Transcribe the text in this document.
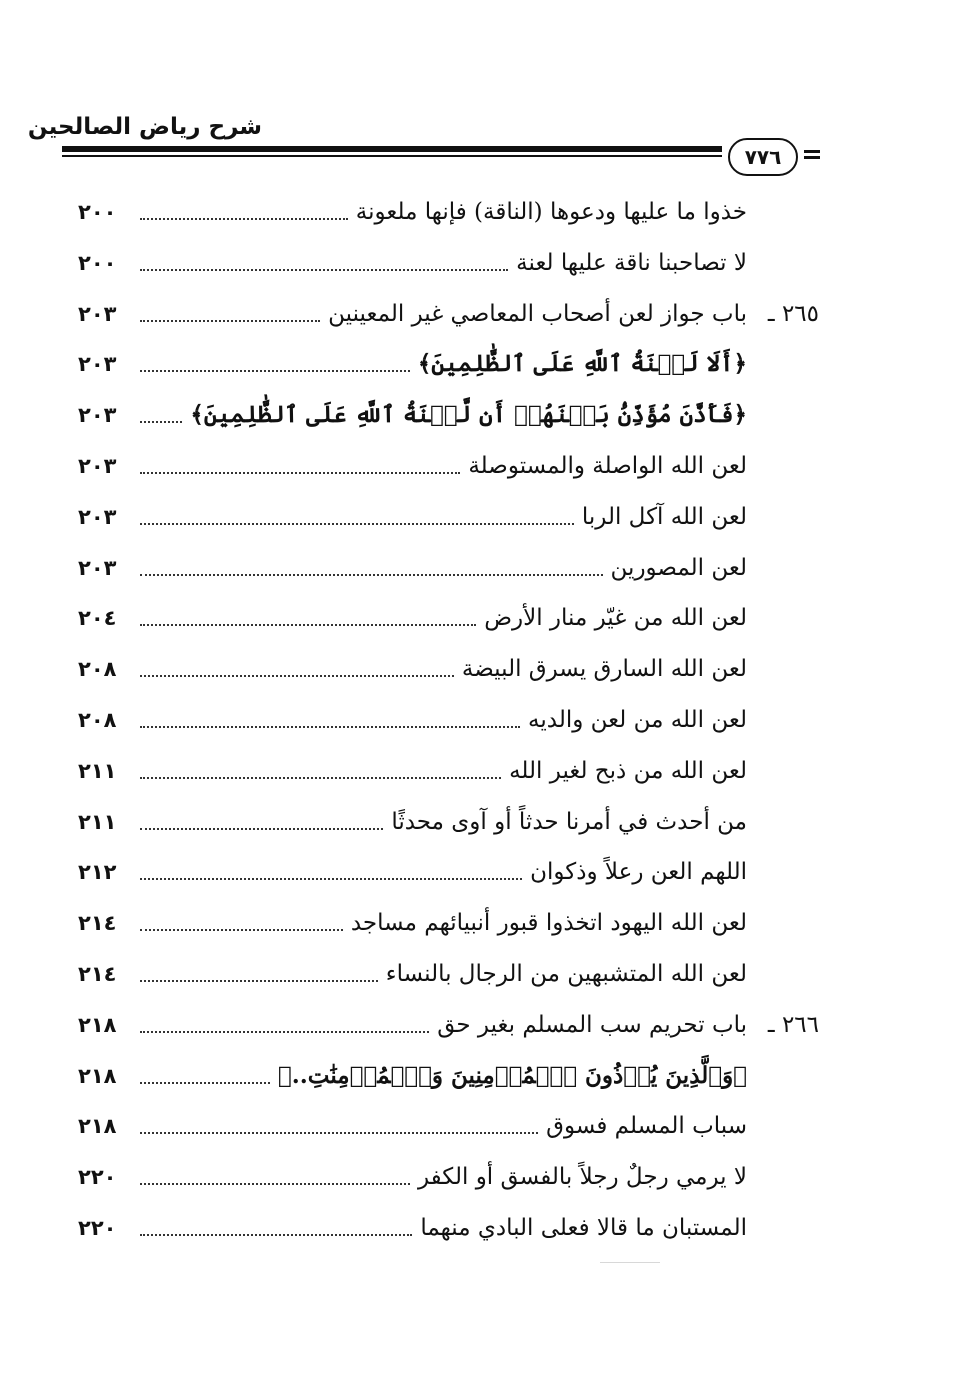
شرح رياض الصالحين
٧٧٦
خذوا ما عليها ودعوها (الناقة) فإنها ملعونة
٢٠٠
لا تصاحبنا ناقة عليها لعنة
٢٠٠
٢٦٥ ـ
باب جواز لعن أصحاب المعاصي غير المعينين
٢٠٣
﴿أَلَا لَعۡنَةُ ٱللَّهِ عَلَى ٱلظَّٰلِمِينَ﴾
٢٠٣
﴿فَأَذَّنَ مُؤَذِّنُۢ بَيۡنَهُمۡ أَن لَّعۡنَةُ ٱللَّهِ عَلَى ٱلظَّٰلِمِينَ﴾
٢٠٣
لعن الله الواصلة والمستوصلة
٢٠٣
لعن الله آكل الربا
٢٠٣
لعن المصورين
٢٠٣
لعن الله من غيّر منار الأرض
٢٠٤
لعن الله السارق يسرق البيضة
٢٠٨
لعن الله من لعن والديه
٢٠٨
لعن الله من ذبح لغير الله
٢١١
من أحدث في أمرنا حدثاً أو آوى محدثًا
٢١١
اللهم العن رعلاً وذكوان
٢١٢
لعن الله اليهود اتخذوا قبور أنبيائهم مساجد
٢١٤
لعن الله المتشبهين من الرجال بالنساء
٢١٤
٢٦٦ ـ
باب تحريم سب المسلم بغير حق
٢١٨
﴿وَٱلَّذِينَ يُؤۡذُونَ ٱلۡمُؤۡمِنِينَ وَٱلۡمُؤۡمِنَٰتِ..﴾
٢١٨
سباب المسلم فسوق
٢١٨
لا يرمي رجلٌ رجلاً بالفسق أو الكفر
٢٢٠
المستبان ما قالا فعلى البادي منهما
٢٢٠
